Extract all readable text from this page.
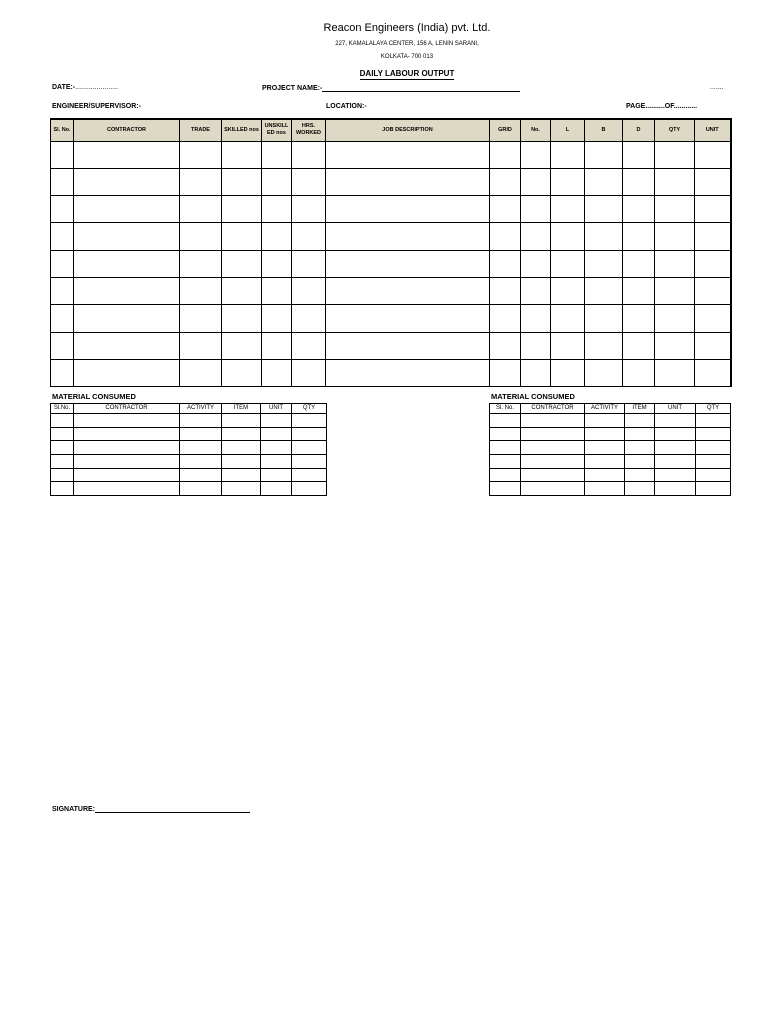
Reacon Engineers (India) pvt. Ltd.
227, KAMALALAYA CENTER, 156 A, LENIN SARANI,
KOLKATA- 700 013
DAILY LABOUR OUTPUT
DATE:-......................	PROJECT NAME:-	.......
ENGINEER/SUPERVISOR:-	LOCATION:-	PAGE..........OF............
Sl. No.	CONTRACTOR	TRADE	SKILLED nos	UNSKILL ED nos	HRS. WORKED	JOB DESCRIPTION	GRID	No.	L	B	D	QTY	UNIT

MATERIAL CONSUMED	MATERIAL CONSUMED
Sl.No.	CONTRACTOR	ACTIVITY	ITEM	UNIT	QTY

						Sl. No.	CONTRACTOR	ACTIVITY	ITEM	UNIT	QTY

SIGNATURE:
